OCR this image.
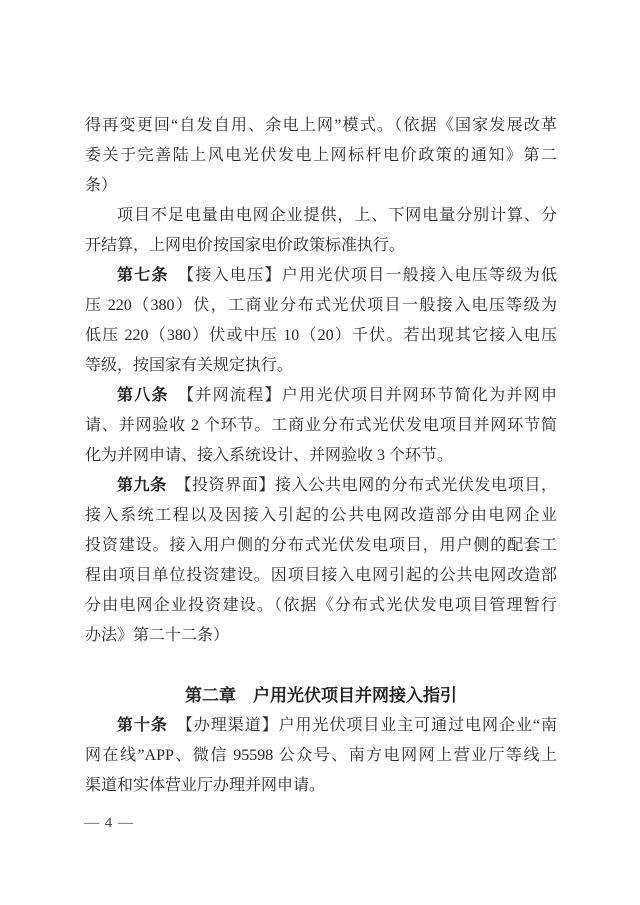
得再变更回“自发自用、余电上网”模式。（依据《国家发展改革
委关于完善陆上风电光伏发电上网标杆电价政策的通知》第二
条）
项目不足电量由电网企业提供，上、下网电量分别计算、分
开结算，上网电价按国家电价政策标准执行。
第七条　【接入电压】户用光伏项目一般接入电压等级为低
压 220（380）伏，工商业分布式光伏项目一般接入电压等级为
低压 220（380）伏或中压 10（20）千伏。若出现其它接入电压
等级，按国家有关规定执行。
第八条　【并网流程】户用光伏项目并网环节简化为并网申
请、并网验收 2 个环节。工商业分布式光伏发电项目并网环节简
化为并网申请、接入系统设计、并网验收 3 个环节。
第九条　【投资界面】接入公共电网的分布式光伏发电项目，
接入系统工程以及因接入引起的公共电网改造部分由电网企业
投资建设。接入用户侧的分布式光伏发电项目，用户侧的配套工
程由项目单位投资建设。因项目接入电网引起的公共电网改造部
分由电网企业投资建设。（依据《分布式光伏发电项目管理暂行
办法》第二十二条）
第二章　户用光伏项目并网接入指引
第十条　【办理渠道】户用光伏项目业主可通过电网企业“南
网在线”APP、微信 95598 公众号、南方电网网上营业厅等线上
渠道和实体营业厅办理并网申请。
— 4 —
